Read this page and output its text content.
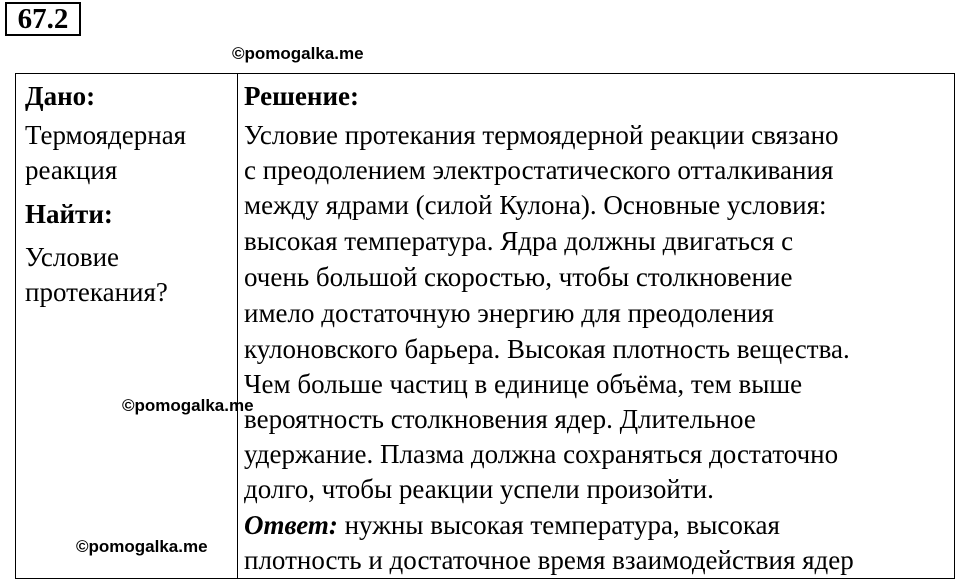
67.2
©pomogalka.me
©pomogalka.me
©pomogalka.me
Дано:
Термоядерная
реакция
Найти:
Условие
протекания?
Решение:
Условие протекания термоядерной реакции связано
с преодолением электростатического отталкивания
между ядрами (силой Кулона). Основные условия:
высокая температура. Ядра должны двигаться с
очень большой скоростью, чтобы столкновение
имело достаточную энергию для преодоления
кулоновского барьера. Высокая плотность вещества.
Чем больше частиц в единице объёма, тем выше
вероятность столкновения ядер. Длительное
удержание. Плазма должна сохраняться достаточно
долго, чтобы реакции успели произойти.
Ответ: нужны высокая температура, высокая
плотность и достаточное время взаимодействия ядер
